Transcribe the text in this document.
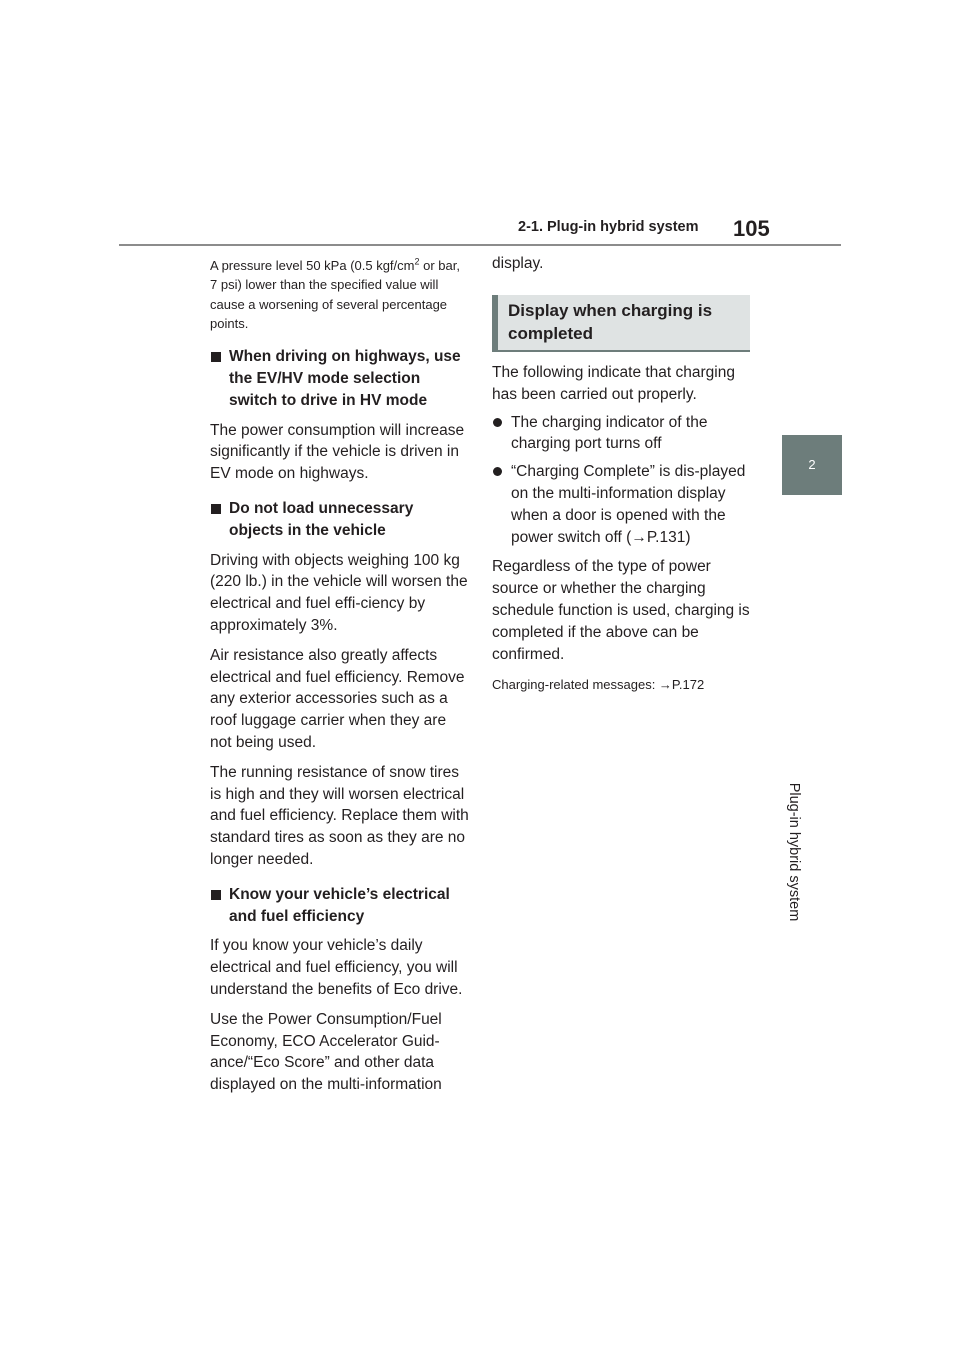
2-1. Plug-in hybrid system 105
2
Plug-in hybrid system

A pressure level 50 kPa (0.5 kgf/$cm^2$ or bar, 7 psi) lower than the specified value will cause a worsening of several percentage points.

When driving on highways, use the EV/HV mode selection switch to drive in HV mode

The power consumption will increase significantly if the vehicle is driven in EV mode on highways.

Do not load unnecessary objects in the vehicle

Driving with objects weighing 100 kg (220 lb.) in the vehicle will worsen the electrical and fuel effi-ciency by approximately 3%.

Air resistance also greatly affects electrical and fuel efficiency. Remove any exterior accessories such as a roof luggage carrier when they are not being used.

The running resistance of snow tires is high and they will worsen electrical and fuel efficiency. Replace them with standard tires as soon as they are no longer needed.

Know your vehicle’s electrical and fuel efficiency

If you know your vehicle’s daily electrical and fuel efficiency, you will understand the benefits of Eco drive.

Use the Power Consumption/Fuel Economy, ECO Accelerator Guid-ance/“Eco Score” and other data displayed on the multi-information

display.

Display when charging is completed

The following indicate that charging has been carried out properly.

The charging indicator of the charging port turns off
“Charging Complete” is dis-played on the multi-information display when a door is opened with the power switch off (→P.131)

Regardless of the type of power source or whether the charging schedule function is used, charging is completed if the above can be confirmed.

Charging-related messages: →P.172
